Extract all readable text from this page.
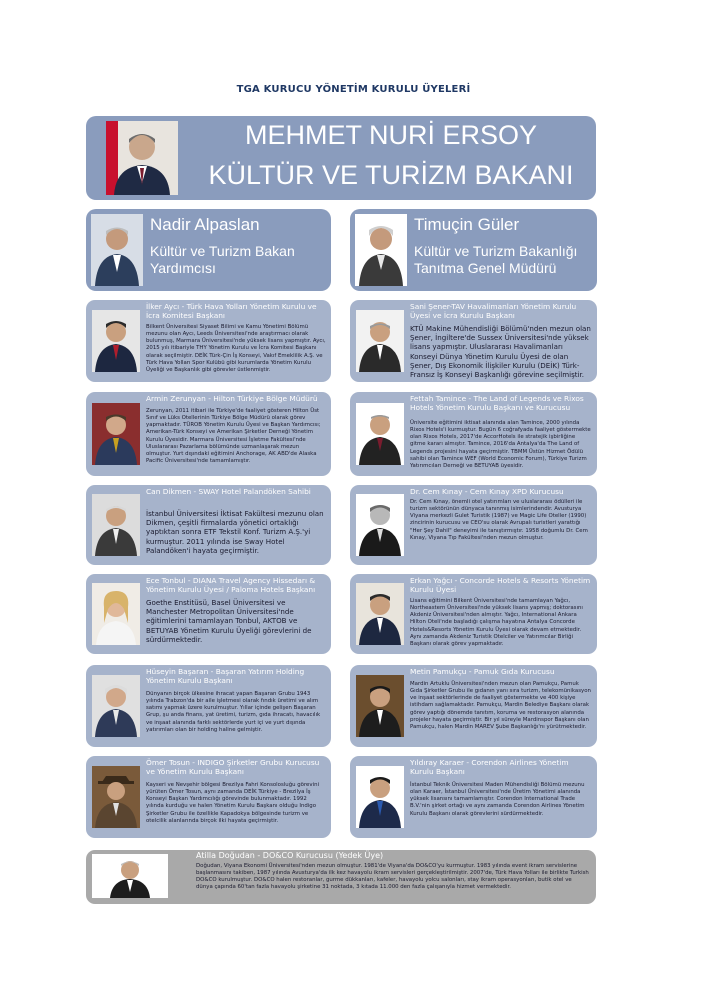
TGA KURUCU YÖNETİM KURULU ÜYELERİ
MEHMET NURİ ERSOY
KÜLTÜR VE TURİZM BAKANI
Nadir Alpaslan
Kültür ve Turizm Bakan
Yardımcısı
Timuçin Güler
Kültür ve Turizm Bakanlığı
Tanıtma Genel Müdürü
İlker Aycı - Türk Hava Yolları Yönetim Kurulu ve İcra Komitesi Başkanı
Bilkent Üniversitesi Siyaset Bilimi ve Kamu Yönetimi Bölümü mezunu olan Aycı, Leeds Üniversitesi'nde araştırmacı olarak bulunmuş, Marmara Üniversitesi'nde yüksek lisans yapmıştır. Aycı, 2015 yılı itibariyle THY Yönetim Kurulu ve İcra Komitesi Başkanı olarak seçilmiştir. DEİK Türk-Çin İş Konseyi, Vakıf Emeklilik A.Ş. ve Türk Hava Yolları Spor Kulübü gibi kurumlarda Yönetim Kurulu Üyeliği ve Başkanlık gibi görevler üstlenmiştir.
Sani Şener-TAV Havalimanları Yönetim Kurulu Üyesi ve İcra Kurulu Başkanı
KTÜ Makine Mühendisliği Bölümü'nden mezun olan Şener, İngiltere'de Sussex Üniversitesi'nde yüksek lisans yapmıştır. Uluslararası Havalimanları Konseyi Dünya Yönetim Kurulu Üyesi de olan Şener, Dış Ekonomik İlişkiler Kurulu (DEİK) Türk-Fransız İş Konseyi Başkanlığı görevine seçilmiştir.
Armin Zerunyan - Hilton Türkiye Bölge Müdürü
Zerunyan, 2011 itibari ile Türkiye'de faaliyet gösteren Hilton Üst Sınıf ve Lüks Otellerinin Türkiye Bölge Müdürü olarak görev yapmaktadır. TÜROB Yönetim Kurulu Üyesi ve Başkan Yardımcısı; Amerikan-Türk Konseyi ve Amerikan Şirketler Derneği Yönetim Kurulu Üyesidir. Marmara Üniversitesi İşletme Fakültesi'nde Uluslararası Pazarlama bölümünde uzmanlaşarak mezun olmuştur. Yurt dışındaki eğitimini Anchorage, AK ABD'de Alaska Pacific Üniversitesi'nde tamamlamıştır.
Fettah Tamince - The Land of Legends ve Rixos Hotels Yönetim Kurulu Başkanı ve Kurucusu
Üniversite eğitimini iktisat alanında alan Tamince, 2000 yılında Rixos Hotels'i kurmuştur. Bugün 6 coğrafyada faaliyet göstermekte olan Rixos Hotels, 2017'de AccorHotels ile stratejik işbirliğine gitme kararı almıştır. Tamince, 2016'da Antalya'da The Land of Legends projesini hayata geçirmiştir. TBMM Üstün Hizmet Ödülü sahibi olan Tamince WEF (World Economic Forum), Türkiye Turizm Yatırımcıları Derneği ve BETUYAB üyesidir.
Can Dikmen - SWAY Hotel Palandöken Sahibi
İstanbul Üniversitesi İktisat Fakültesi mezunu olan Dikmen, çeşitli firmalarda yönetici ortaklığı yaptıktan sonra ETF Tekstil Konf. Turizm A.Ş.'yi kurmuştur. 2011 yılında ise Sway Hotel Palandöken'i hayata geçirmiştir.
Dr. Cem Kınay - Cem Kınay XPD Kurucusu
Dr. Cem Kınay, önemli otel yatırımları ve uluslararası ödülleri ile turizm sektörünün dünyaca tanınmış isimlerindendir. Avusturya Viyana merkezli Gulet Turistik (1987) ve Magic Life Oteller (1990) zincirinin kurucusu ve CEO'su olarak Avrupalı turistleri yarattığı "Her Şey Dahil" deneyimi ile tanıştırmıştır. 1958 doğumlu Dr. Cem Kınay, Viyana Tıp Fakültesi'nden mezun olmuştur.
Ece Tonbul - DIANA Travel Agency Hissedarı & Yönetim Kurulu Üyesi / Paloma Hotels Başkanı
Goethe Enstitüsü, Basel Üniversitesi ve Manchester Metropolitan Üniversitesi'nde eğitimlerini tamamlayan Tonbul, AKTOB ve BETUYAB Yönetim Kurulu Üyeliği görevlerini de sürdürmektedir.
Erkan Yağcı - Concorde Hotels & Resorts Yönetim Kurulu Üyesi
Lisans eğitimini Bilkent Üniversitesi'nde tamamlayan Yağcı, Northeastern Üniversitesi'nde yüksek lisans yapmış; doktorasını Akdeniz Üniversitesi'nden almıştır. Yağcı, International Ankara Hilton Oteli'nde başladığı çalışma hayatına Antalya Concorde Hotels&Resorts Yönetim Kurulu Üyesi olarak devam etmektedir. Aynı zamanda Akdeniz Turistik Otelciler ve Yatırımcılar Birliği Başkanı olarak görev yapmaktadır.
Hüseyin Başaran - Başaran Yatırım Holding Yönetim Kurulu Başkanı
Dünyanın birçok ülkesine ihracat yapan Başaran Grubu 1943 yılında Trabzon'da bir aile işletmesi olarak fındık üretimi ve alım satımı yapmak üzere kurulmuştur. Yıllar içinde gelişen Başaran Grup, şu anda finans, yat üretimi, turizm, gıda ihracatı, havacılık ve inşaat alanında farklı sektörlerde yurt içi ve yurt dışında yatırımları olan bir holding haline gelmiştir.
Metin Pamukçu - Pamuk Gıda Kurucusu
Mardin Artuklu Üniversitesi'nden mezun olan Pamukçu, Pamuk Gıda Şirketler Grubu ile gıdanın yanı sıra turizm, telekomünikasyon ve inşaat sektörlerinde de faaliyet göstermekte ve 400 kişiye istihdam sağlamaktadır. Pamukçu, Mardin Belediye Başkanı olarak görev yaptığı dönemde tanıtım, koruma ve restorasyon alanında projeler hayata geçirmiştir. Bir yıl süreyle Mardinspor Başkanı olan Pamukçu, halen Mardin MAREV Şube Başkanlığı'nı yürütmektedir.
Ömer Tosun - INDIGO Şirketler Grubu Kurucusu ve Yönetim Kurulu Başkanı
Kayseri ve Nevşehir bölgesi Brezilya Fahri Konsolosluğu görevini yürüten Ömer Tosun, aynı zamanda DEİK Türkiye - Brezilya İş Konseyi Başkan Yardımcılığı görevinde bulunmaktadır. 1992 yılında kurduğu ve halen Yönetim Kurulu Başkanı olduğu Indigo Şirketler Grubu ile özellikle Kapadokya bölgesinde turizm ve otelcilik alanlarında birçok ilki hayata geçirmiştir.
Yıldıray Karaer - Corendon Airlines Yönetim Kurulu Başkanı
İstanbul Teknik Üniversitesi Maden Mühendisliği Bölümü mezunu olan Karaer, İstanbul Üniversitesi'nde Üretim Yönetimi alanında yüksek lisansını tamamlamıştır. Corendon International Trade B.V.'nin şirket ortağı ve aynı zamanda Corendon Airlines Yönetim Kurulu Başkanı olarak görevlerini sürdürmektedir.
Atilla Doğudan - DO&CO Kurucusu (Yedek Üye)
Doğudan, Viyana Ekonomi Üniversitesi'nden mezun olmuştur. 1981'de Viyana'da DO&CO'yu kurmuştur. 1983 yılında event ikram servislerine başlanmasını takiben, 1987 yılında Avusturya'da ilk kez havayolu ikram servisleri gerçekleştirilmiştir. 2007'de, Türk Hava Yolları ile birlikte Turkish DO&CO kurulmuştur. DO&CO halen restoranlar, gurme dükkanları, kafeler, havayolu yolcu salonları, stay ikram operasyonları, butik otel ve dünya çapında 60'tan fazla havayolu şirketine 31 noktada, 3 kıtada 11.000 den fazla çalışanıyla hizmet vermektedir.
